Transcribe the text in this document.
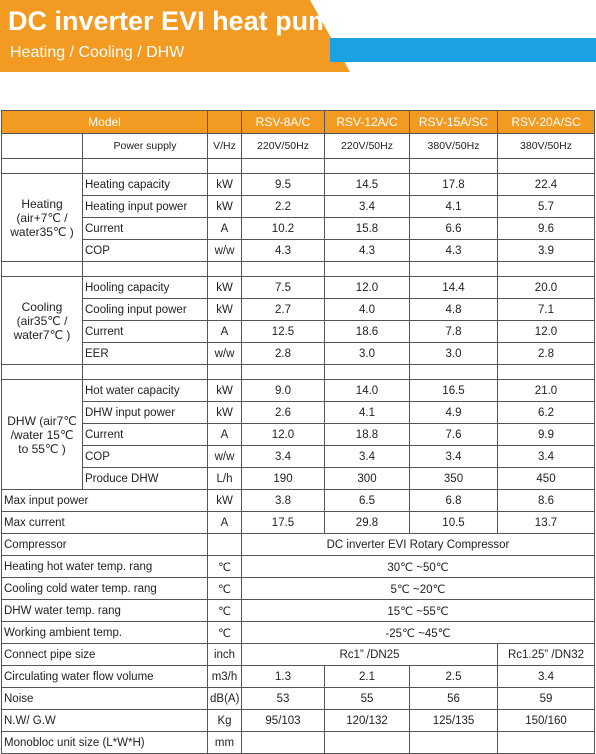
DC inverter EVI heat pump
Heating / Cooling / DHW
Model			RSV-8A/C	RSV-12A/C	RSV-15A/SC	RSV-20A/SC
	Power supply	V/Hz	220V/50Hz	220V/50Hz	380V/50Hz	380V/50Hz

Heating (air+7℃ / water35℃ )	Heating capacity	kW	9.5	14.5	17.8	22.4
	Heating input power	kW	2.2	3.4	4.1	5.7
	Current	A	10.2	15.8	6.6	9.6
	COP	w/w	4.3	4.3	4.3	3.9

Cooling (air35℃ / water7℃ )	Hooling capacity	kW	7.5	12.0	14.4	20.0
	Cooling input power	kW	2.7	4.0	4.8	7.1
	Current	A	12.5	18.6	7.8	12.0
	EER	w/w	2.8	3.0	3.0	2.8

DHW (air7℃ /water 15℃ to 55℃ )	Hot water capacity	kW	9.0	14.0	16.5	21.0
	DHW input power	kW	2.6	4.1	4.9	6.2
	Current	A	12.0	18.8	7.6	9.9
	COP	w/w	3.4	3.4	3.4	3.4
	Produce DHW	L/h	190	300	350	450
Max input power		kW	3.8	6.5	6.8	8.6
Max current		A	17.5	29.8	10.5	13.7
Compressor			DC inverter EVI Rotary Compressor			
Heating hot water temp. rang		℃	30℃ ~50℃			
Cooling cold water temp. rang		℃	5℃ ~20℃			
DHW water temp. rang		℃	15℃ ~55℃			
Working ambient temp.		℃	-25℃ ~45℃			
Connect pipe size		inch	Rc1” /DN25			Rc1.25” /DN32
Circulating water flow volume		m3/h	1.3	2.1	2.5	3.4
Noise		dB(A)	53	55	56	59
N.W/ G.W		Kg	95/103	120/132	125/135	150/160
Monobloc unit size (L*W*H)		mm				
